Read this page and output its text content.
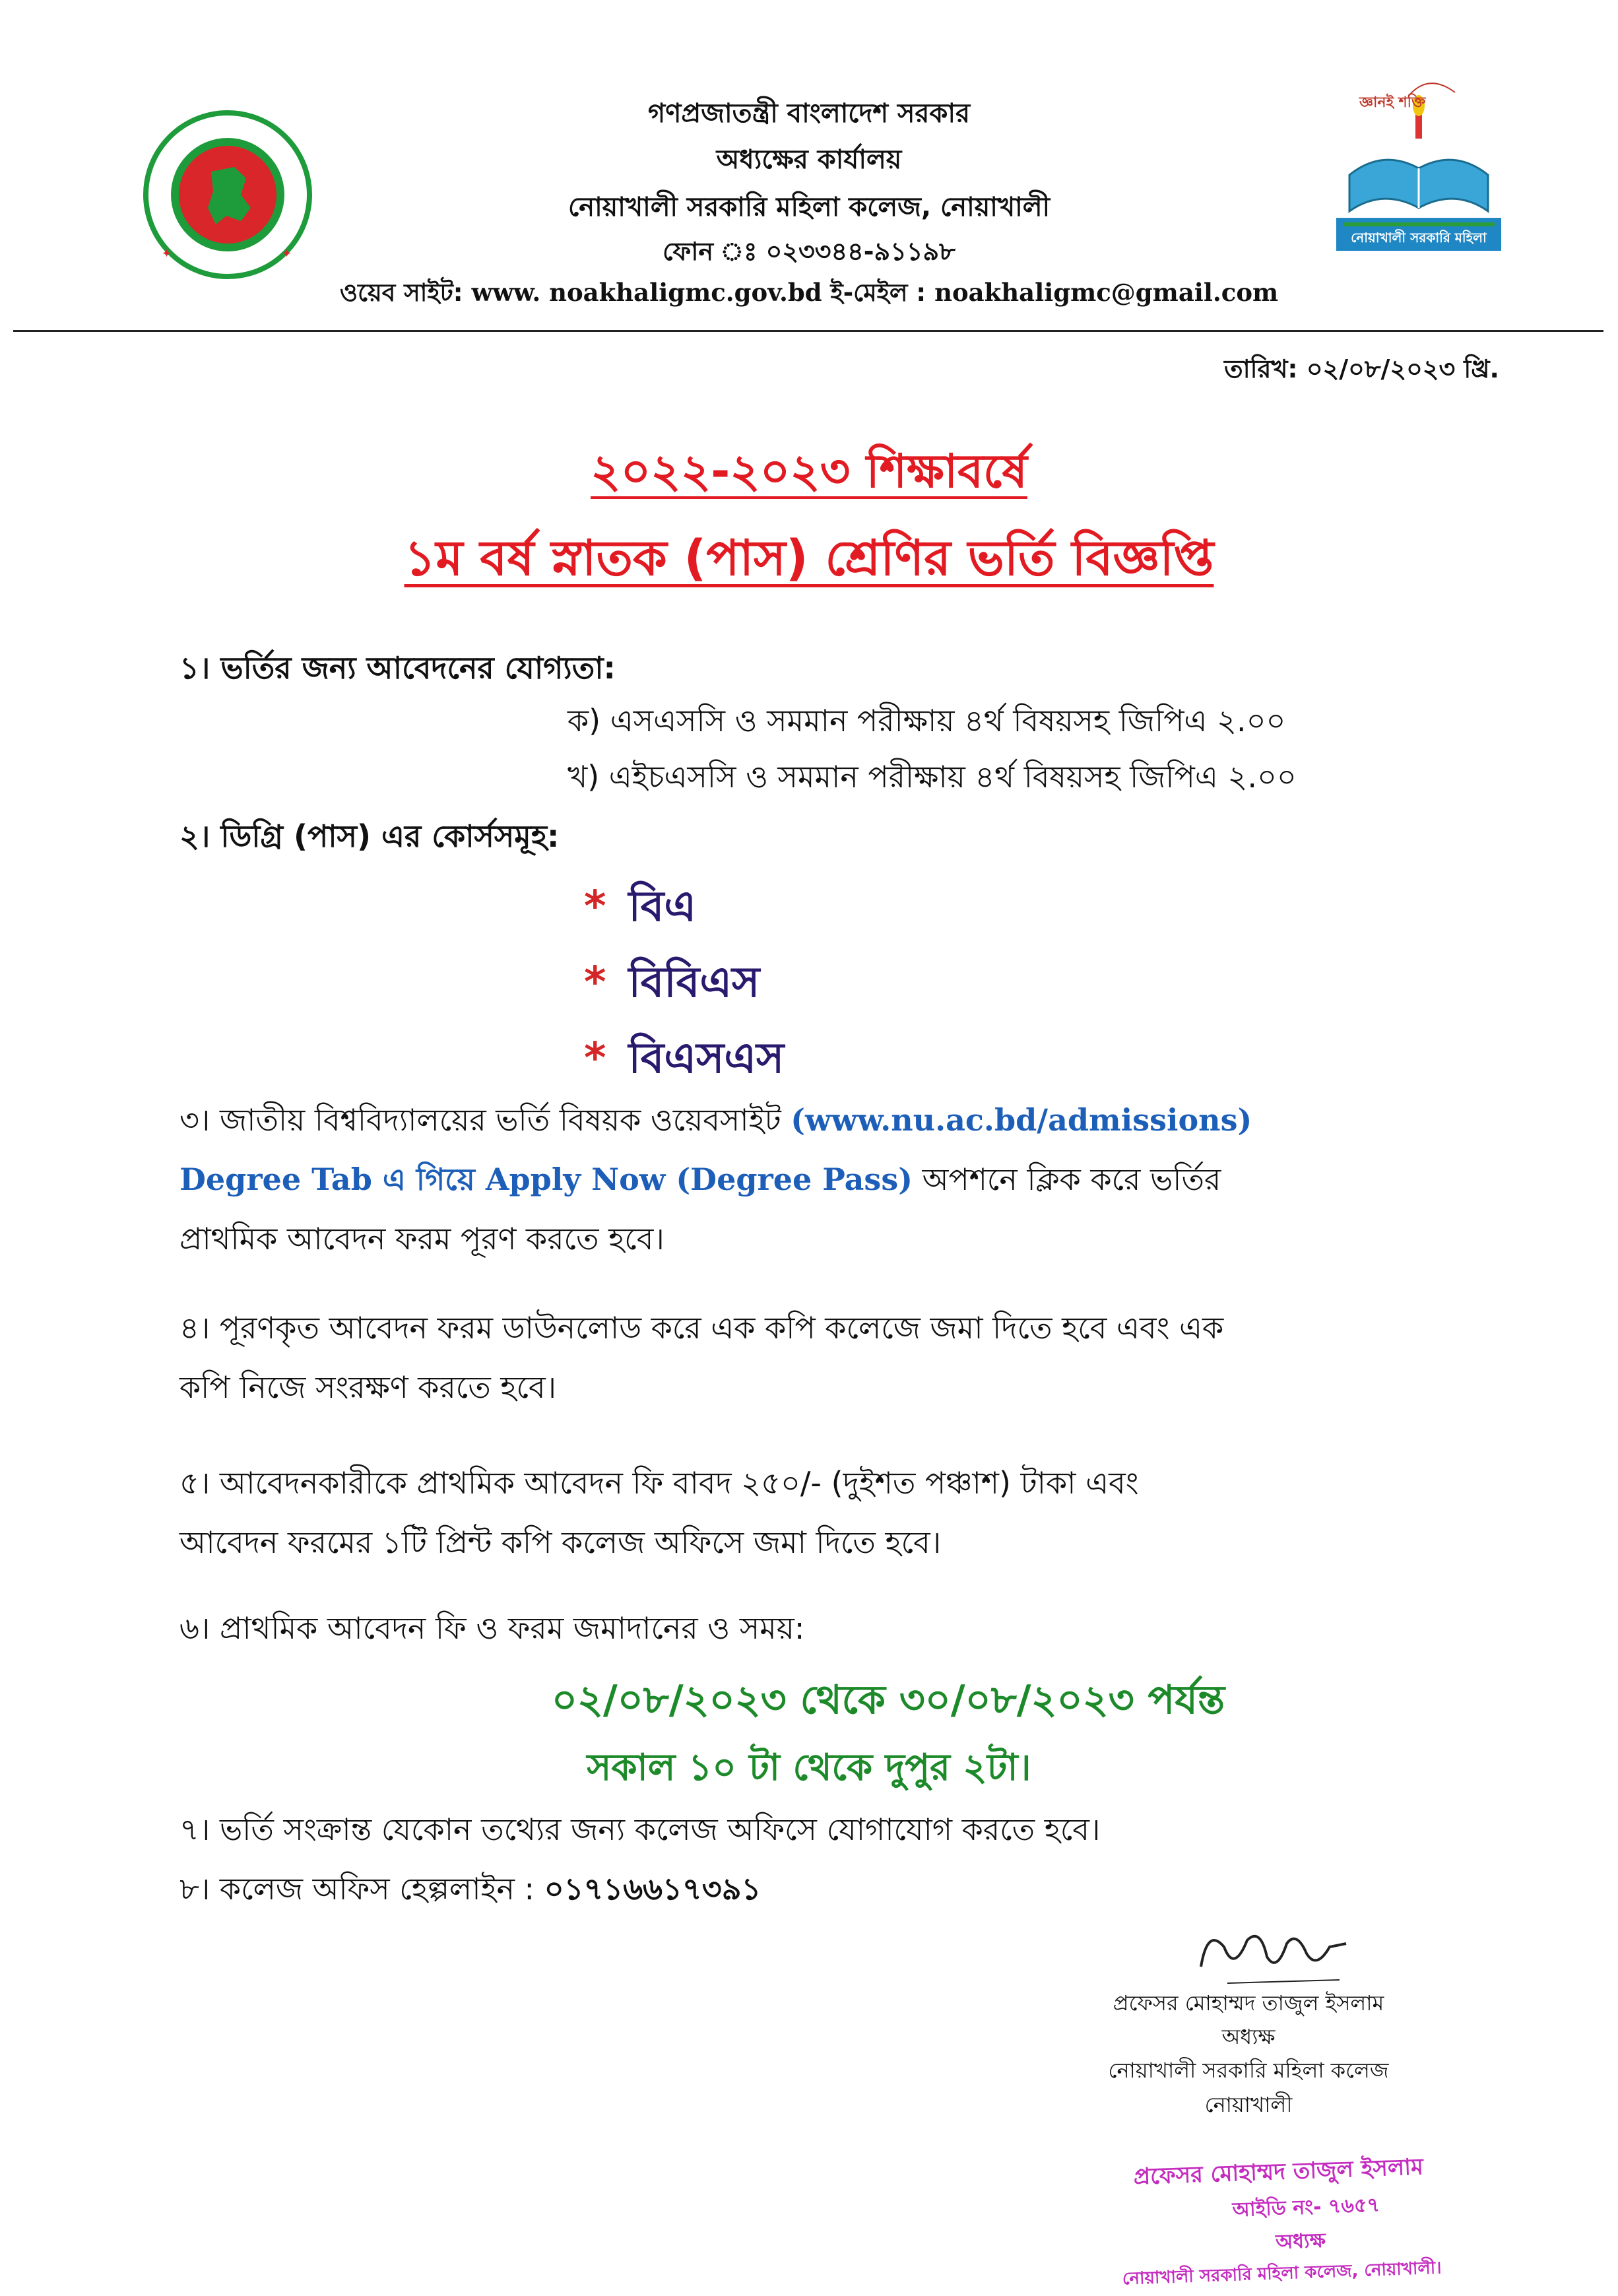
✦	✦
জ্ঞানই শক্তি
নোয়াখালী সরকারি মহিলা কলেজ
গণপ্রজাতন্ত্রী বাংলাদেশ সরকার
অধ্যক্ষের কার্যালয়
নোয়াখালী সরকারি মহিলা কলেজ, নোয়াখালী
ফোন ঃ ০২৩৩৪৪-৯১১৯৮
ওয়েব সাইট: www. noakhaligmc.gov.bd ই-মেইল : noakhaligmc@gmail.com
তারিখ: ০২/০৮/২০২৩ খ্রি.
২০২২-২০২৩ শিক্ষাবর্ষে
১ম বর্ষ স্নাতক (পাস) শ্রেণির ভর্তি বিজ্ঞপ্তি
১। ভর্তির জন্য আবেদনের যোগ্যতা:
ক) এসএসসি ও সমমান পরীক্ষায় ৪র্থ বিষয়সহ জিপিএ ২.০০
খ) এইচএসসি ও সমমান পরীক্ষায় ৪র্থ বিষয়সহ জিপিএ ২.০০
২। ডিগ্রি (পাস) এর কোর্সসমূহ:
* বিএ
* বিবিএস
* বিএসএস
৩। জাতীয় বিশ্ববিদ্যালয়ের ভর্তি বিষয়ক ওয়েবসাইট (www.nu.ac.bd/admissions)
Degree Tab এ গিয়ে Apply Now (Degree Pass) অপশনে ক্লিক করে ভর্তির
প্রাথমিক আবেদন ফরম পূরণ করতে হবে।
৪। পূরণকৃত আবেদন ফরম ডাউনলোড করে এক কপি কলেজে জমা দিতে হবে এবং এক
কপি নিজে সংরক্ষণ করতে হবে।
৫। আবেদনকারীকে প্রাথমিক আবেদন ফি বাবদ ২৫০/- (দুইশত পঞ্চাশ) টাকা এবং
আবেদন ফরমের ১টি প্রিন্ট কপি কলেজ অফিসে জমা দিতে হবে।
৬। প্রাথমিক আবেদন ফি ও ফরম জমাদানের ও সময়:
০২/০৮/২০২৩ থেকে ৩০/০৮/২০২৩ পর্যন্ত
সকাল ১০ টা থেকে দুপুর ২টা।
৭। ভর্তি সংক্রান্ত যেকোন তথ্যের জন্য কলেজ অফিসে যোগাযোগ করতে হবে।
৮। কলেজ অফিস হেল্পলাইন : ০১৭১৬৬১৭৩৯১
প্রফেসর মোহাম্মদ তাজুল ইসলাম
অধ্যক্ষ
নোয়াখালী সরকারি মহিলা কলেজ
নোয়াখালী
প্রফেসর মোহাম্মদ তাজুল ইসলাম
আইডি নং- ৭৬৫৭
অধ্যক্ষ
নোয়াখালী সরকারি মহিলা কলেজ, নোয়াখালী।
